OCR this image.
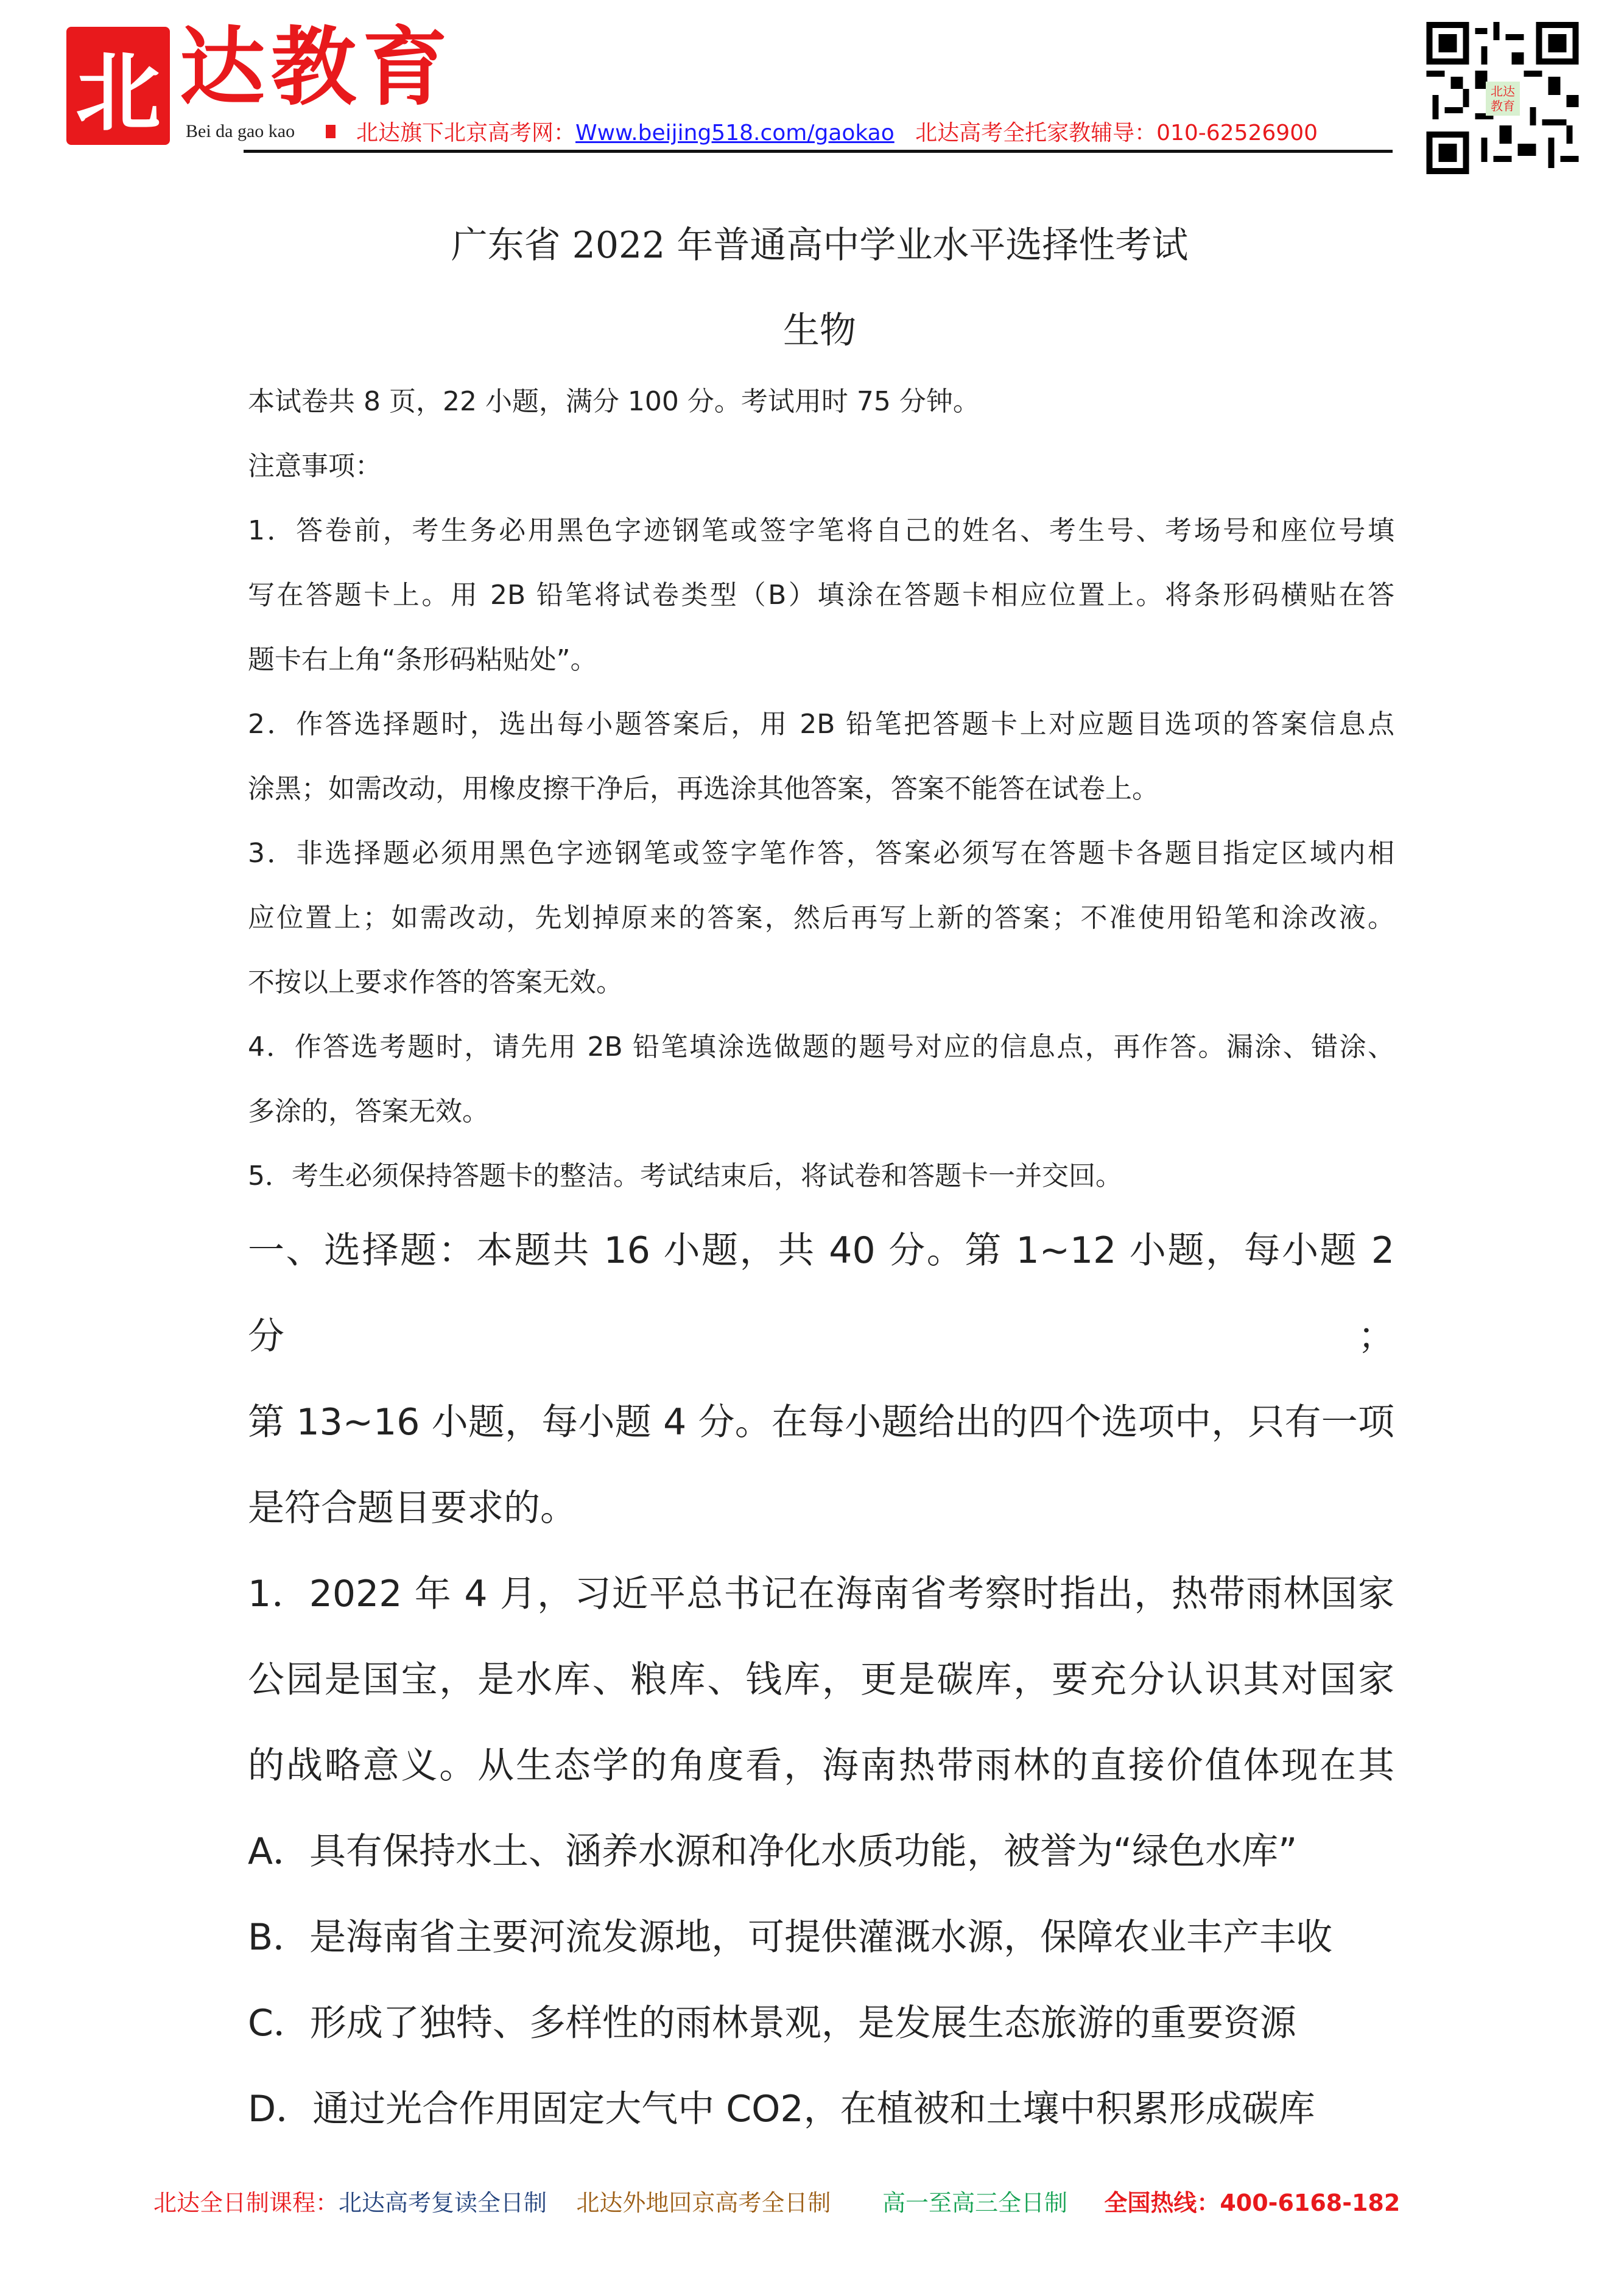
北 达教育
Bei da gao kao	北达旗下北京高考网：Www.beijing518.com/gaokao 北达高考全托家教辅导：010-62526900
北达教育
广东省 2022 年普通高中学业水平选择性考试
生物
本试卷共 8 页，22 小题，满分 100 分。考试用时 75 分钟。
注意事项：
1．答卷前，考生务必用黑色字迹钢笔或签字笔将自己的姓名、考生号、考场号和座位号填
写在答题卡上。用 2B 铅笔将试卷类型（B）填涂在答题卡相应位置上。将条形码横贴在答
题卡右上角“条形码粘贴处”。
2．作答选择题时，选出每小题答案后，用 2B 铅笔把答题卡上对应题目选项的答案信息点
涂黑；如需改动，用橡皮擦干净后，再选涂其他答案，答案不能答在试卷上。
3．非选择题必须用黑色字迹钢笔或签字笔作答，答案必须写在答题卡各题目指定区域内相
应位置上；如需改动，先划掉原来的答案，然后再写上新的答案；不准使用铅笔和涂改液。
不按以上要求作答的答案无效。
4．作答选考题时，请先用 2B 铅笔填涂选做题的题号对应的信息点，再作答。漏涂、错涂、
多涂的，答案无效。
5．考生必须保持答题卡的整洁。考试结束后，将试卷和答题卡一并交回。
一、选择题：本题共 16 小题，共 40 分。第 1~12 小题，每小题 2 分；
第 13~16 小题，每小题 4 分。在每小题给出的四个选项中，只有一项
是符合题目要求的。
1．2022 年 4 月，习近平总书记在海南省考察时指出，热带雨林国家
公园是国宝，是水库、粮库、钱库，更是碳库，要充分认识其对国家
的战略意义。从生态学的角度看，海南热带雨林的直接价值体现在其
A．具有保持水土、涵养水源和净化水质功能，被誉为“绿色水库”
B．是海南省主要河流发源地，可提供灌溉水源，保障农业丰产丰收
C．形成了独特、多样性的雨林景观，是发展生态旅游的重要资源
D．通过光合作用固定大气中 CO2，在植被和土壤中积累形成碳库
北达全日制课程：北达高考复读全日制 北达外地回京高考全日制 高一至高三全日制 全国热线：400-6168-182
